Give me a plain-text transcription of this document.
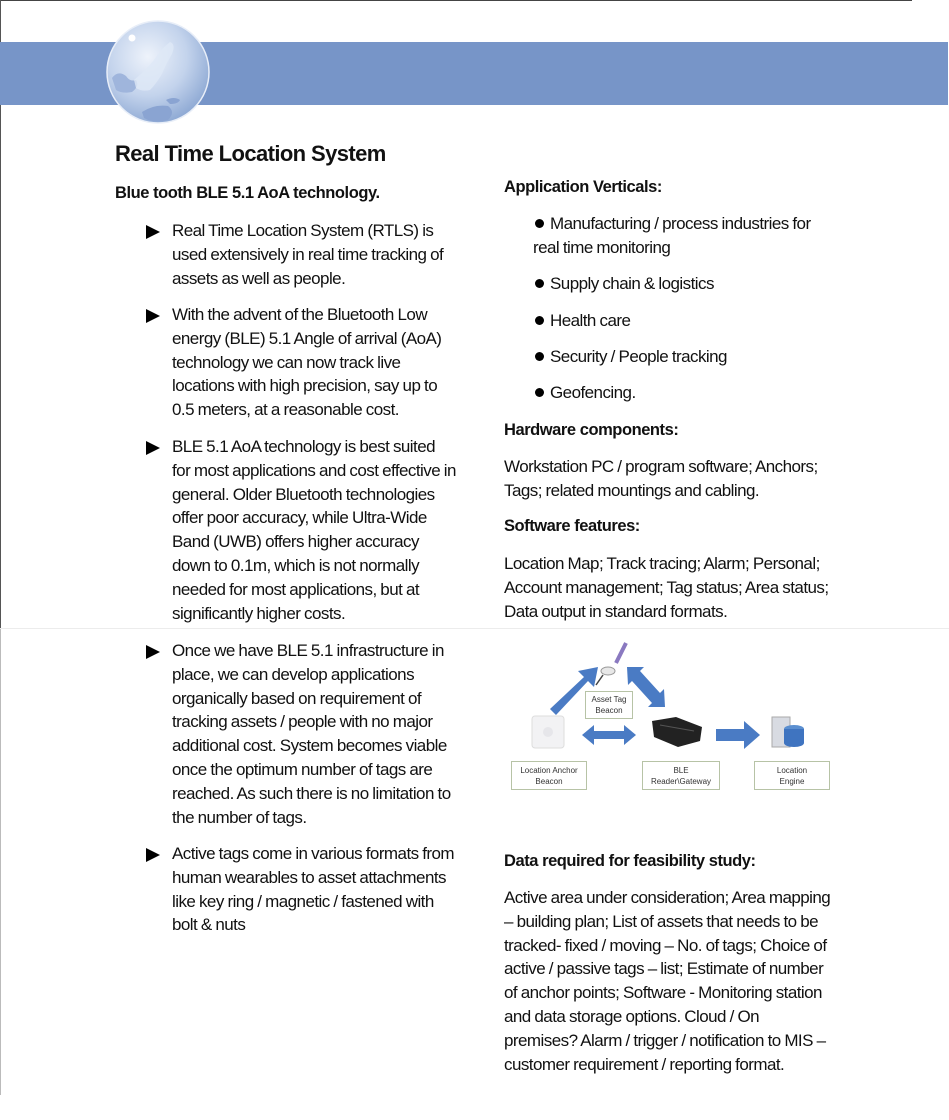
Real Time Location System
Blue tooth BLE 5.1 AoA technology.

Real Time Location System (RTLS) is used extensively in real time tracking of assets as well as people.

With the advent of the Bluetooth Low energy (BLE) 5.1 Angle of arrival (AoA) technology we can now track live locations with high precision, say up to 0.5 meters, at a reasonable cost.

BLE 5.1 AoA technology is best suited for most applications and cost effective in general. Older Bluetooth technologies offer poor accuracy, while Ultra-Wide Band (UWB) offers higher accuracy down to 0.1m, which is not normally needed for most applications, but at significantly higher costs.

Once we have BLE 5.1 infrastructure in place, we can develop applications organically based on requirement of tracking assets / people with no major additional cost. System becomes viable once the optimum number of tags are reached. As such there is no limitation to the number of tags.

Active tags come in various formats from human wearables to asset attachments like key ring / magnetic / fastened with bolt & nuts

Application Verticals:
Manufacturing / process industries for
real time monitoring
Supply chain & logistics
Health care
Security / People tracking
Geofencing.
Hardware components:
Workstation PC / program software; Anchors;
Tags; related mountings and cabling.
Software features:
Location Map; Track tracing; Alarm; Personal;
Account management; Tag status; Area status;
Data output in standard formats.
Asset Tag
Beacon
Location Anchor
Beacon
BLE
Reader\Gateway
Location
Engine
Data required for feasibility study:
Active area under consideration; Area mapping
– building plan; List of assets that needs to be
tracked- fixed / moving – No. of tags; Choice of
active / passive tags – list; Estimate of number
of anchor points; Software - Monitoring station
and data storage options. Cloud / On
premises? Alarm / trigger / notification to MIS –
customer requirement / reporting format.
